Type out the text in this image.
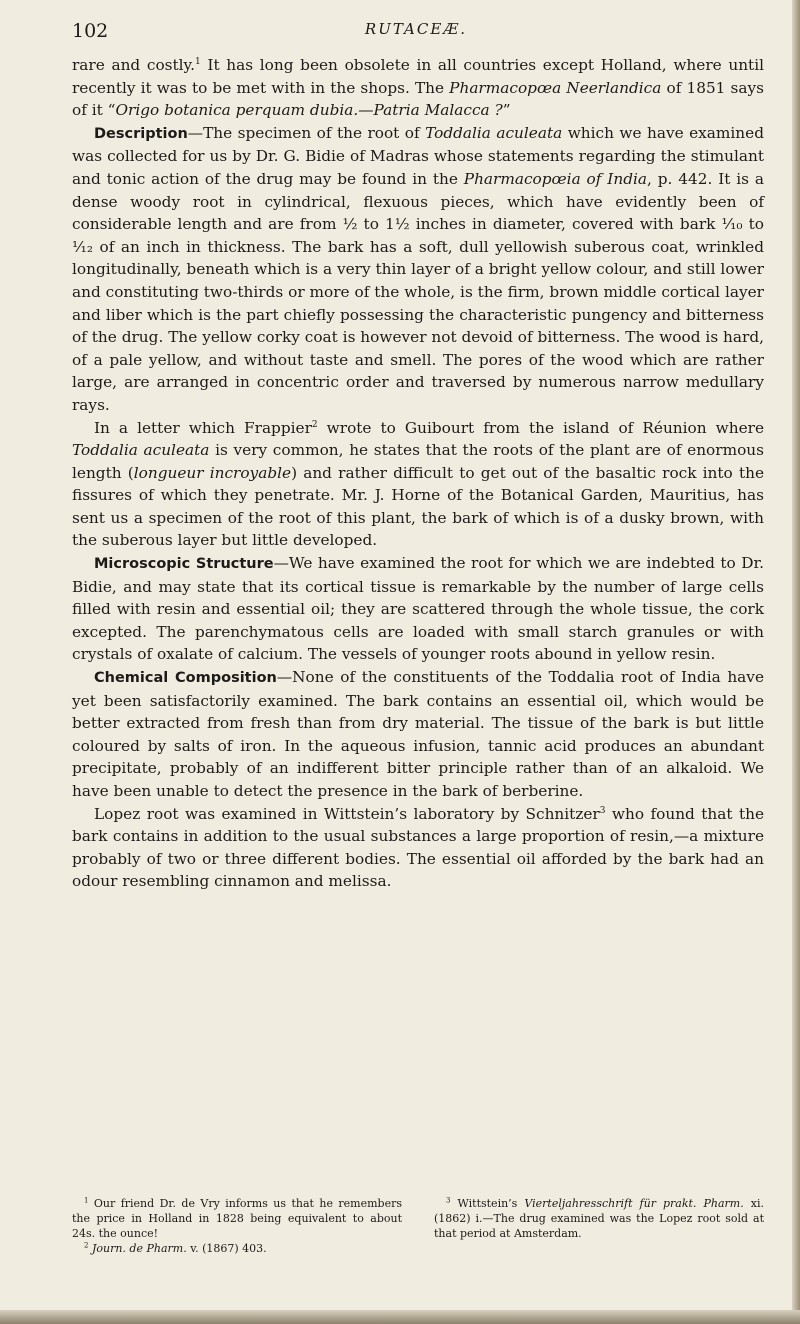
102	RUTACEÆ.

rare and costly.$^1$ It has long been obsolete in all countries except Holland, where until recently it was to be met with in the shops. The Pharmacopœa Neerlandica of 1851 says of it “Origo botanica perquam dubia.—Patria Malacca ?”

Description—The specimen of the root of Toddalia aculeata which we have examined was collected for us by Dr. G. Bidie of Madras whose statements regarding the stimulant and tonic action of the drug may be found in the Pharmacopœia of India, p. 442. It is a dense woody root in cylindrical, flexuous pieces, which have evidently been of considerable length and are from ½ to 1½ inches in diameter, covered with bark ¹⁄₁₀ to ¹⁄₁₂ of an inch in thickness. The bark has a soft, dull yellowish suberous coat, wrinkled longitudinally, beneath which is a very thin layer of a bright yellow colour, and still lower and constituting two-thirds or more of the whole, is the firm, brown middle cortical layer and liber which is the part chiefly possessing the characteristic pungency and bitterness of the drug. The yellow corky coat is however not devoid of bitterness. The wood is hard, of a pale yellow, and without taste and smell. The pores of the wood which are rather large, are arranged in concentric order and traversed by numerous narrow medullary rays.

In a letter which Frappier$^2$ wrote to Guibourt from the island of Réunion where Toddalia aculeata is very common, he states that the roots of the plant are of enormous length (longueur incroyable) and rather difficult to get out of the basaltic rock into the fissures of which they penetrate. Mr. J. Horne of the Botanical Garden, Mauritius, has sent us a specimen of the root of this plant, the bark of which is of a dusky brown, with the suberous layer but little developed.

Microscopic Structure—We have examined the root for which we are indebted to Dr. Bidie, and may state that its cortical tissue is remarkable by the number of large cells filled with resin and essential oil; they are scattered through the whole tissue, the cork excepted. The parenchymatous cells are loaded with small starch granules or with crystals of oxalate of calcium. The vessels of younger roots abound in yellow resin.

Chemical Composition—None of the constituents of the Toddalia root of India have yet been satisfactorily examined. The bark contains an essential oil, which would be better extracted from fresh than from dry material. The tissue of the bark is but little coloured by salts of iron. In the aqueous infusion, tannic acid produces an abundant precipitate, probably of an indifferent bitter principle rather than of an alkaloid. We have been unable to detect the presence in the bark of berberine.

Lopez root was examined in Wittstein’s laboratory by Schnitzer$^3$ who found that the bark contains in addition to the usual substances a large proportion of resin,—a mixture probably of two or three different bodies. The essential oil afforded by the bark had an odour resembling cinnamon and melissa.

$^1$ Our friend Dr. de Vry informs us that he remembers the price in Holland in 1828 being equivalent to about 24s. the ounce!

$^2$ Journ. de Pharm. v. (1867) 403.

$^3$ Wittstein’s Vierteljahresschrift für prakt. Pharm. xi. (1862) i.—The drug examined was the Lopez root sold at that period at Amsterdam.
